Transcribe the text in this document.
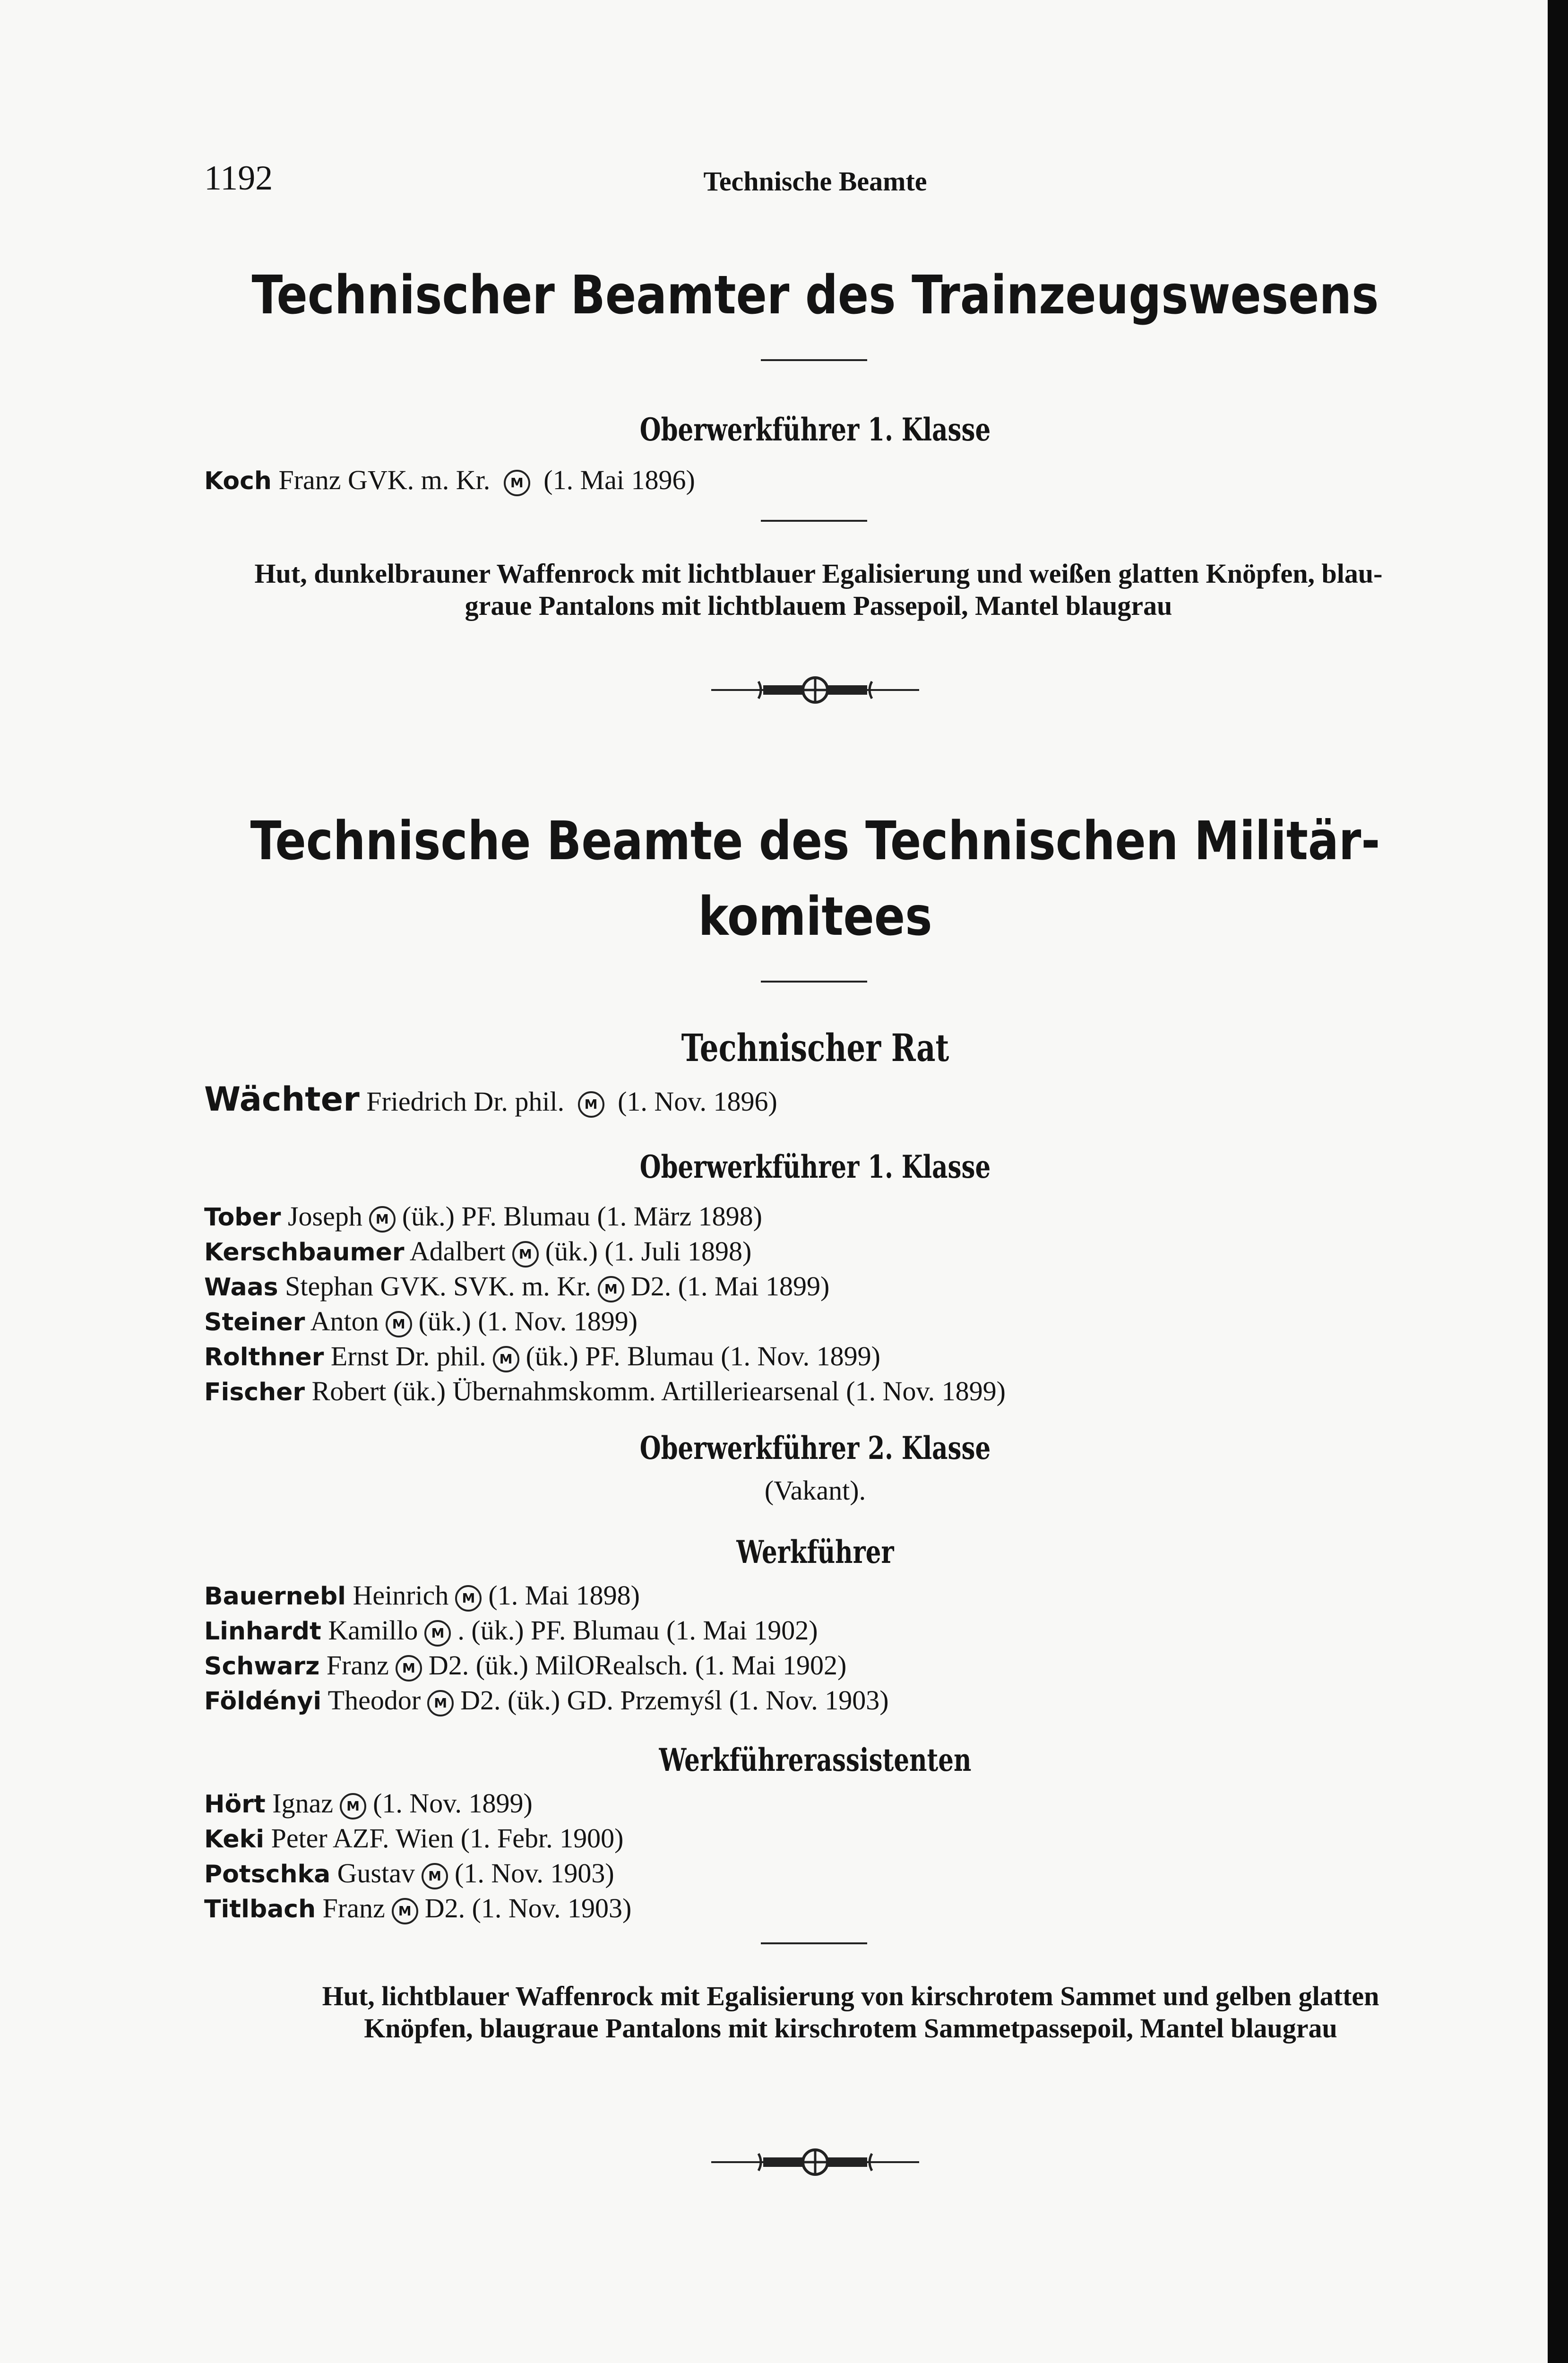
1192	Technische Beamte
Technischer Beamter des Trainzeugswesens
Oberwerkführer 1. Klasse
Koch Franz GVK. m. Kr. M (1. Mai 1896)
Hut, dunkelbrauner Waffenrock mit lichtblauer Egalisierung und weißen glatten Knöpfen, blau-
graue Pantalons mit lichtblauem Passepoil, Mantel blaugrau
Technische Beamte des Technischen Militär-
komitees
Technischer Rat
Wächter Friedrich Dr. phil. M (1. Nov. 1896)
Oberwerkführer 1. Klasse
Tober Joseph M (ük.) PF. Blumau (1. März 1898)
Kerschbaumer Adalbert M (ük.) (1. Juli 1898)
Waas Stephan GVK. SVK. m. Kr. M D2. (1. Mai 1899)
Steiner Anton M (ük.) (1. Nov. 1899)
Rolthner Ernst Dr. phil. M (ük.) PF. Blumau (1. Nov. 1899)
Fischer Robert (ük.) Übernahmskomm. Artilleriearsenal (1. Nov. 1899)
Oberwerkführer 2. Klasse
(Vakant).
Werkführer
Bauernebl Heinrich M (1. Mai 1898)
Linhardt Kamillo M . (ük.) PF. Blumau (1. Mai 1902)
Schwarz Franz M D2. (ük.) MilORealsch. (1. Mai 1902)
Földényi Theodor M D2. (ük.) GD. Przemyśl (1. Nov. 1903)
Werkführerassistenten
Hört Ignaz M (1. Nov. 1899)
Keki Peter AZF. Wien (1. Febr. 1900)
Potschka Gustav M (1. Nov. 1903)
Titlbach Franz M D2. (1. Nov. 1903)
Hut, lichtblauer Waffenrock mit Egalisierung von kirschrotem Sammet und gelben glatten
Knöpfen, blaugraue Pantalons mit kirschrotem Sammetpassepoil, Mantel blaugrau
